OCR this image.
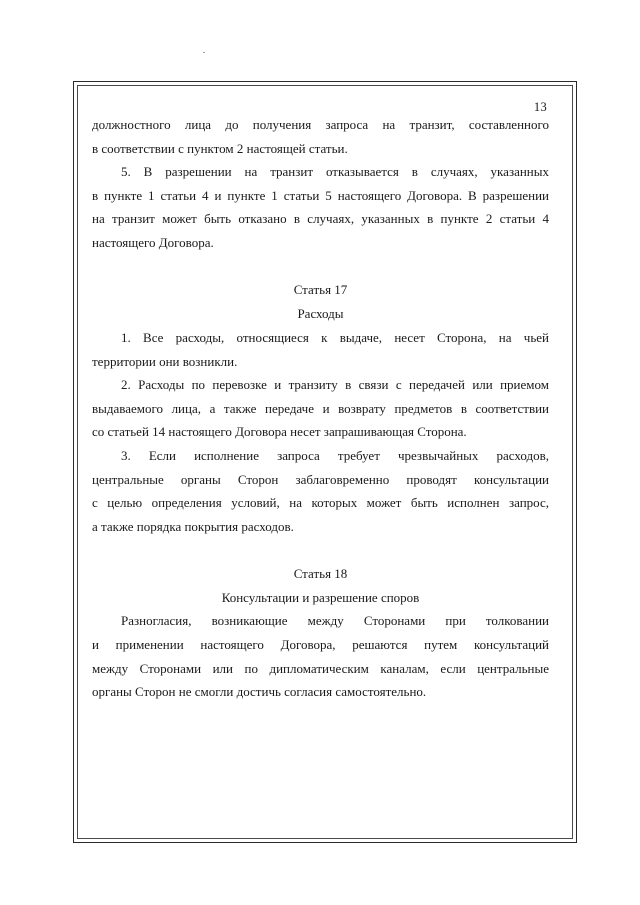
13
должностного лица до получения запроса на транзит, составленного
в соответствии с пунктом 2 настоящей статьи.
5. В разрешении на транзит отказывается в случаях, указанных
в пункте 1 статьи 4 и пункте 1 статьи 5 настоящего Договора. В разрешении
на транзит может быть отказано в случаях, указанных в пункте 2 статьи 4
настоящего Договора.
Статья 17
Расходы
1. Все расходы, относящиеся к выдаче, несет Сторона, на чьей
территории они возникли.
2. Расходы по перевозке и транзиту в связи с передачей или приемом
выдаваемого лица, а также передаче и возврату предметов в соответствии
со статьей 14 настоящего Договора несет запрашивающая Сторона.
3. Если исполнение запроса требует чрезвычайных расходов,
центральные органы Сторон заблаговременно проводят консультации
с целью определения условий, на которых может быть исполнен запрос,
а также порядка покрытия расходов.
Статья 18
Консультации и разрешение споров
Разногласия, возникающие между Сторонами при толковании
и применении настоящего Договора, решаются путем консультаций
между Сторонами или по дипломатическим каналам, если центральные
органы Сторон не смогли достичь согласия самостоятельно.
